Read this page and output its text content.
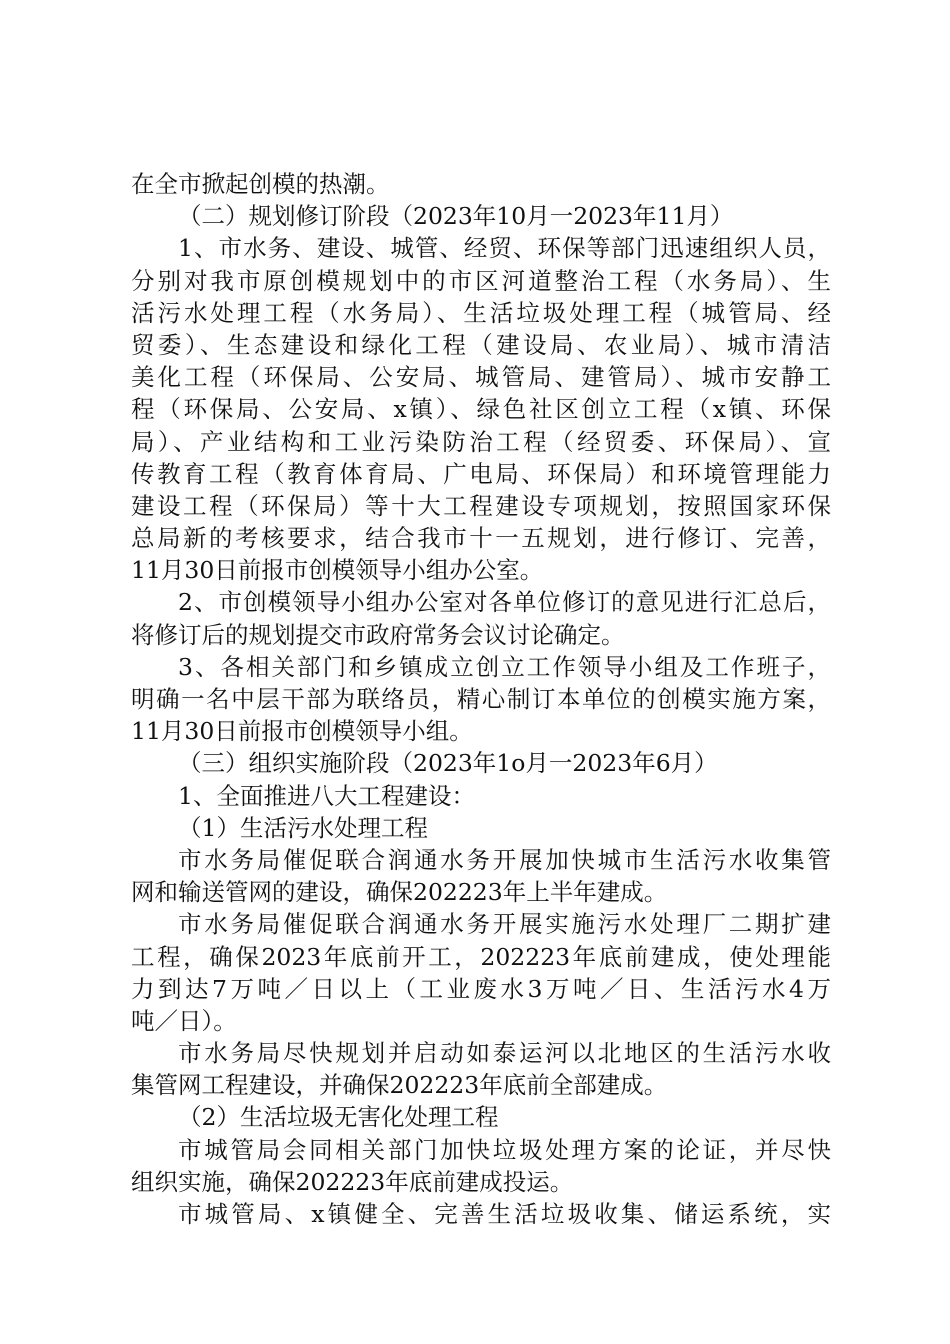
在全市掀起创模的热潮。
（二）规划修订阶段（2023年10月一2023年11月）
1、市水务、建设、城管、经贸、环保等部门迅速组织人员，
分别对我市原创模规划中的市区河道整治工程（水务局）、生
活污水处理工程（水务局）、生活垃圾处理工程（城管局、经
贸委）、生态建设和绿化工程（建设局、农业局）、城市清洁
美化工程（环保局、公安局、城管局、建管局）、城市安静工
程（环保局、公安局、x镇）、绿色社区创立工程（x镇、环保
局）、产业结构和工业污染防治工程（经贸委、环保局）、宣
传教育工程（教育体育局、广电局、环保局）和环境管理能力
建设工程（环保局）等十大工程建设专项规划，按照国家环保
总局新的考核要求，结合我市十一五规划，进行修订、完善，
11月30日前报市创模领导小组办公室。
2、市创模领导小组办公室对各单位修订的意见进行汇总后，
将修订后的规划提交市政府常务会议讨论确定。
3、各相关部门和乡镇成立创立工作领导小组及工作班子，
明确一名中层干部为联络员，精心制订本单位的创模实施方案，
11月30日前报市创模领导小组。
（三）组织实施阶段（2023年1o月一2023年6月）
1、全面推进八大工程建设：
（1）生活污水处理工程
市水务局催促联合润通水务开展加快城市生活污水收集管
网和输送管网的建设，确保202223年上半年建成。
市水务局催促联合润通水务开展实施污水处理厂二期扩建
工程，确保2023年底前开工，202223年底前建成，使处理能
力到达7万吨／日以上（工业废水3万吨／日、生活污水4万
吨／日）。
市水务局尽快规划并启动如泰运河以北地区的生活污水收
集管网工程建设，并确保202223年底前全部建成。
（2）生活垃圾无害化处理工程
市城管局会同相关部门加快垃圾处理方案的论证，并尽快
组织实施，确保202223年底前建成投运。
市城管局、x镇健全、完善生活垃圾收集、储运系统，实
